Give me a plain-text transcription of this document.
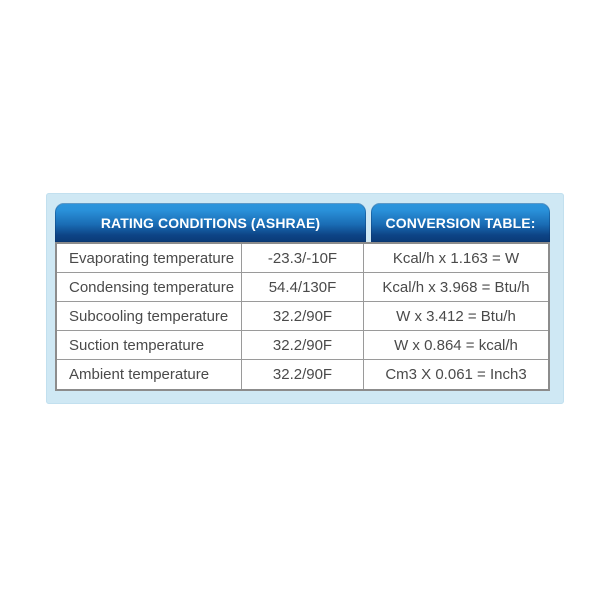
RATING CONDITIONS (ASHRAE)	CONVERSION TABLE:
Evaporating temperature	-23.3/-10F	Kcal/h x 1.163 = W
Condensing temperature	54.4/130F	Kcal/h x 3.968 = Btu/h
Subcooling temperature	32.2/90F	W x 3.412 = Btu/h
Suction temperature	32.2/90F	W x 0.864 = kcal/h
Ambient temperature	32.2/90F	Cm3 X 0.061 = Inch3
